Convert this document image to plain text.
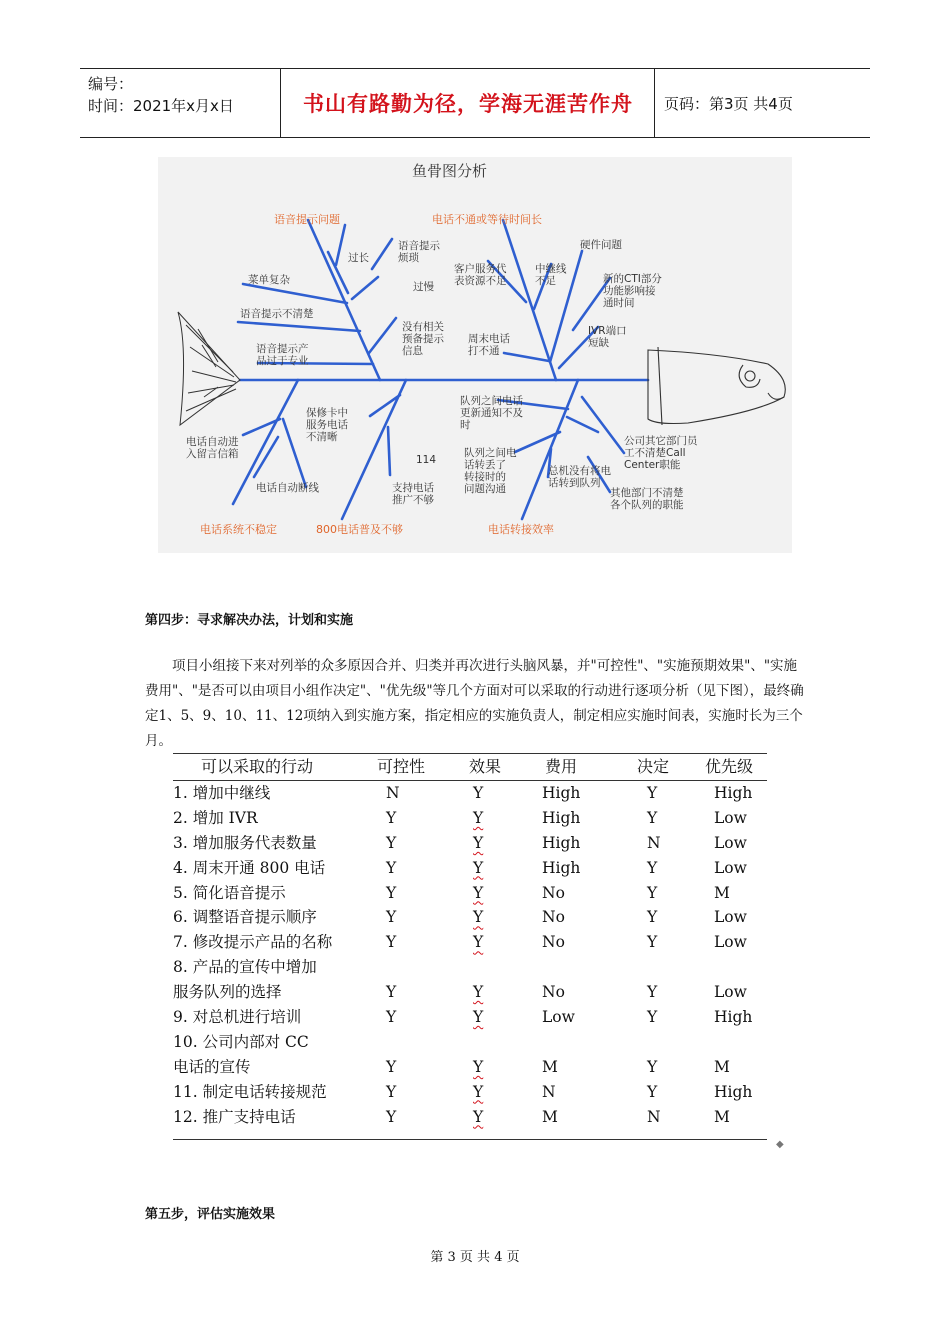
编号：
时间：2021年x月x日	书山有路勤为径，学海无涯苦作舟	页码：第3页 共4页
鱼骨图分析
语音提示问题	电话不通或等待时间长
电话系统不稳定	800电话普及不够	电话转接效率
过长
语音提示
烦琐
过慢
菜单复杂
语音提示不清楚
语音提示产
品过于专业
没有相关
预备提示
信息
客户服务代
表资源不足
中继线
不足
硬件问题
新的CTI部分
功能影响接
通时间
周末电话
打不通
IVR端口
短缺
电话自动进
入留言信箱
电话自动断线
保修卡中
服务电话
不清晰
114
支持电话
推广不够
队列之间电话
更新通知不及
时
队列之间电
话转丢了
转接时的
问题沟通
总机没有将电
话转到队列
公司其它部门员
工不清楚Call
Center职能
其他部门不清楚
各个队列的职能
第四步：寻求解决办法，计划和实施
项目小组接下来对列举的众多原因合并、归类并再次进行头脑风暴，并"可控性"、"实施预期效果"、"实施费用"、"是否可以由项目小组作决定"、"优先级"等几个方面对可以采取的行动进行逐项分析（见下图），最终确定1、5、9、10、11、12项纳入到实施方案，指定相应的实施负责人，制定相应实施时间表，实施时长为三个月。
可以采取的行动	可控性	效果	费用	决定 优先级
1. 增加中继线	N	Y	High	Y	High
2. 增加 IVR	Y	Y	High	Y	Low
3. 增加服务代表数量	Y	Y	High	N	Low
4. 周末开通 800 电话	Y	Y	High	Y	Low
5. 简化语音提示	Y	Y	No	Y	M
6. 调整语音提示顺序	Y	Y	No	Y	Low
7. 修改提示产品的名称	Y	Y	No	Y	Low
8. 产品的宣传中增加
服务队列的选择	Y	Y	No	Y	Low
9. 对总机进行培训	Y	Y	Low	Y	High
10. 公司内部对 CC
电话的宣传	Y	Y	M	Y	M
11. 制定电话转接规范	Y	Y	N	Y	High
12. 推广支持电话	Y	Y	M	N	M
◆
第五步，评估实施效果
第 3 页 共 4 页
